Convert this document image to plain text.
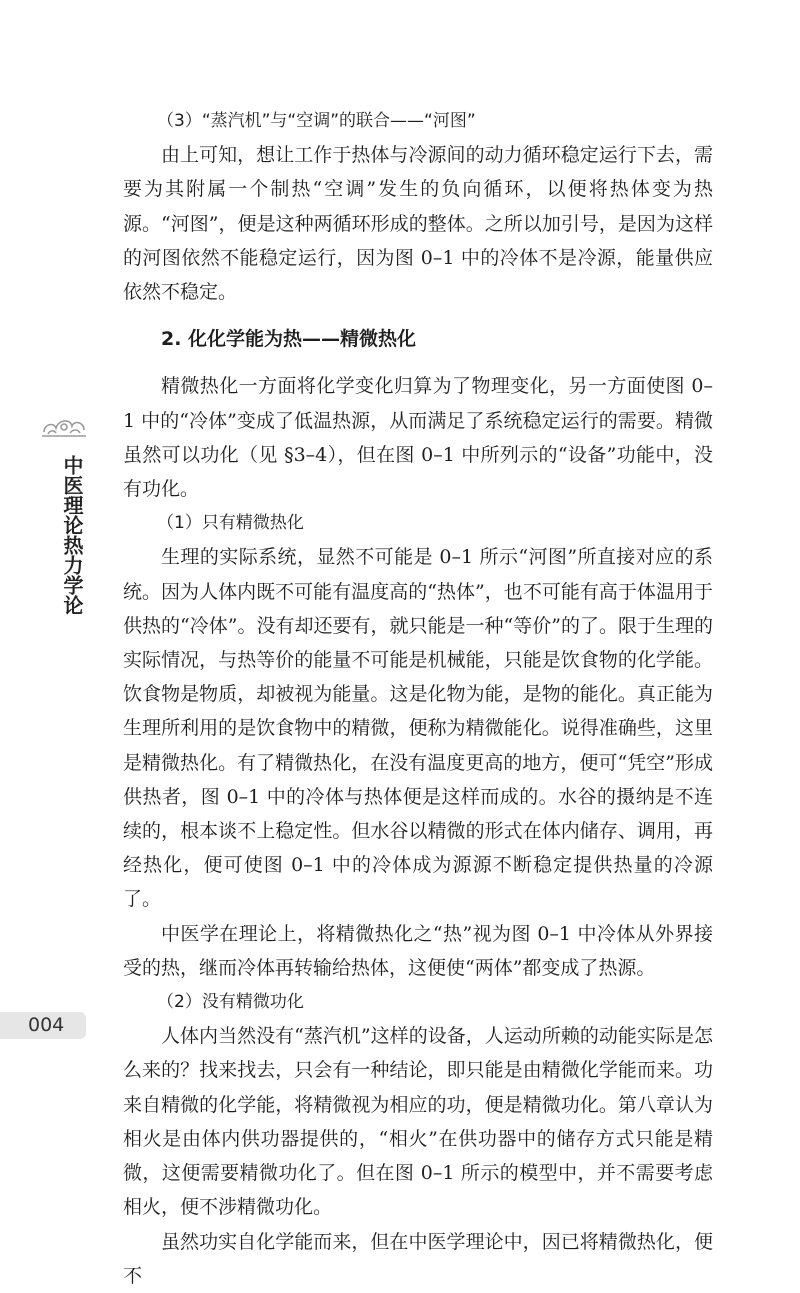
中医理论热力学论
004

（3）“蒸汽机”与“空调”的联合——“河图”

由上可知，想让工作于热体与冷源间的动力循环稳定运行下去，需要为其附属一个制热“空调”发生的负向循环，以便将热体变为热源。“河图”，便是这种两循环形成的整体。之所以加引号，是因为这样的河图依然不能稳定运行，因为图 0–1 中的冷体不是冷源，能量供应依然不稳定。

2. 化化学能为热——精微热化

精微热化一方面将化学变化归算为了物理变化，另一方面使图 0–1 中的“冷体”变成了低温热源，从而满足了系统稳定运行的需要。精微虽然可以功化（见 §3–4），但在图 0–1 中所列示的“设备”功能中，没有功化。

（1）只有精微热化

生理的实际系统，显然不可能是 0–1 所示“河图”所直接对应的系统。因为人体内既不可能有温度高的“热体”，也不可能有高于体温用于供热的“冷体”。没有却还要有，就只能是一种“等价”的了。限于生理的实际情况，与热等价的能量不可能是机械能，只能是饮食物的化学能。饮食物是物质，却被视为能量。这是化物为能，是物的能化。真正能为生理所利用的是饮食物中的精微，便称为精微能化。说得准确些，这里是精微热化。有了精微热化，在没有温度更高的地方，便可“凭空”形成供热者，图 0–1 中的冷体与热体便是这样而成的。水谷的摄纳是不连续的，根本谈不上稳定性。但水谷以精微的形式在体内储存、调用，再经热化，便可使图 0–1 中的冷体成为源源不断稳定提供热量的冷源了。

中医学在理论上，将精微热化之“热”视为图 0–1 中冷体从外界接受的热，继而冷体再转输给热体，这便使“两体”都变成了热源。

（2）没有精微功化

人体内当然没有“蒸汽机”这样的设备，人运动所赖的动能实际是怎么来的？找来找去，只会有一种结论，即只能是由精微化学能而来。功来自精微的化学能，将精微视为相应的功，便是精微功化。第八章认为相火是由体内供功器提供的，“相火”在供功器中的储存方式只能是精微，这便需要精微功化了。但在图 0–1 所示的模型中，并不需要考虑相火，便不涉精微功化。

虽然功实自化学能而来，但在中医学理论中，因已将精微热化，便不
